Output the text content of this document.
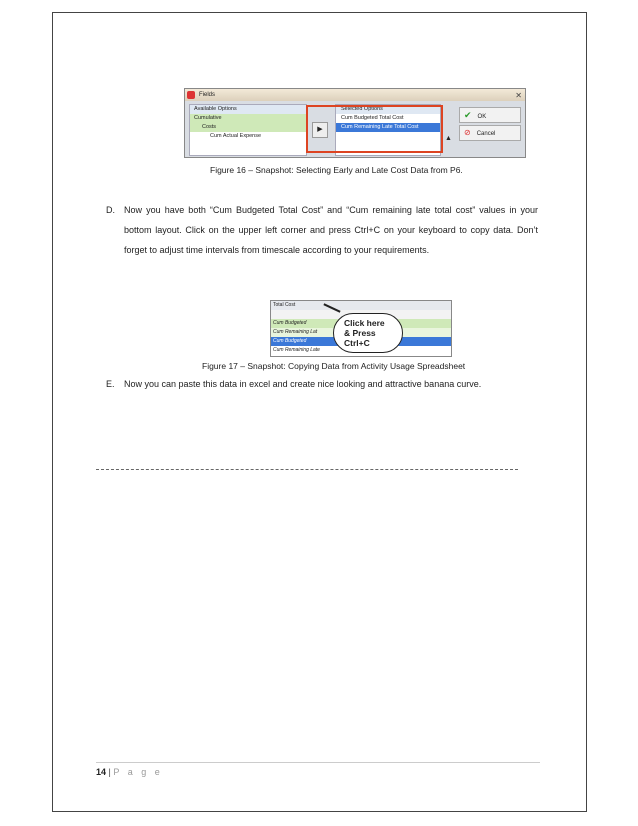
Fields	✕
Available Options
Cumulative
Costs
Cum Actual Expense
▶
Selected Options
Cum Budgeted Total Cost
Cum Remaining Late Total Cost
▲
✔ OK
⊘ Cancel
Figure 16 – Snapshot: Selecting Early and Late Cost Data from P6.
D. Now you have both “Cum Budgeted Total Cost” and “Cum remaining late total cost” values in your bottom layout. Click on the upper left corner and press Ctrl+C on your keyboard to copy data. Don’t forget to adjust time intervals from timescale according to your requirements.
Total Cost
Cum Budgeted
Cum Remaining Lat
Cum Budgeted
Cum Remaining Late
Click here
& Press
Ctrl+C
Figure 17 – Snapshot: Copying Data from Activity Usage Spreadsheet
E. Now you can paste this data in excel and create nice looking and attractive banana curve.
14 | P a g e
